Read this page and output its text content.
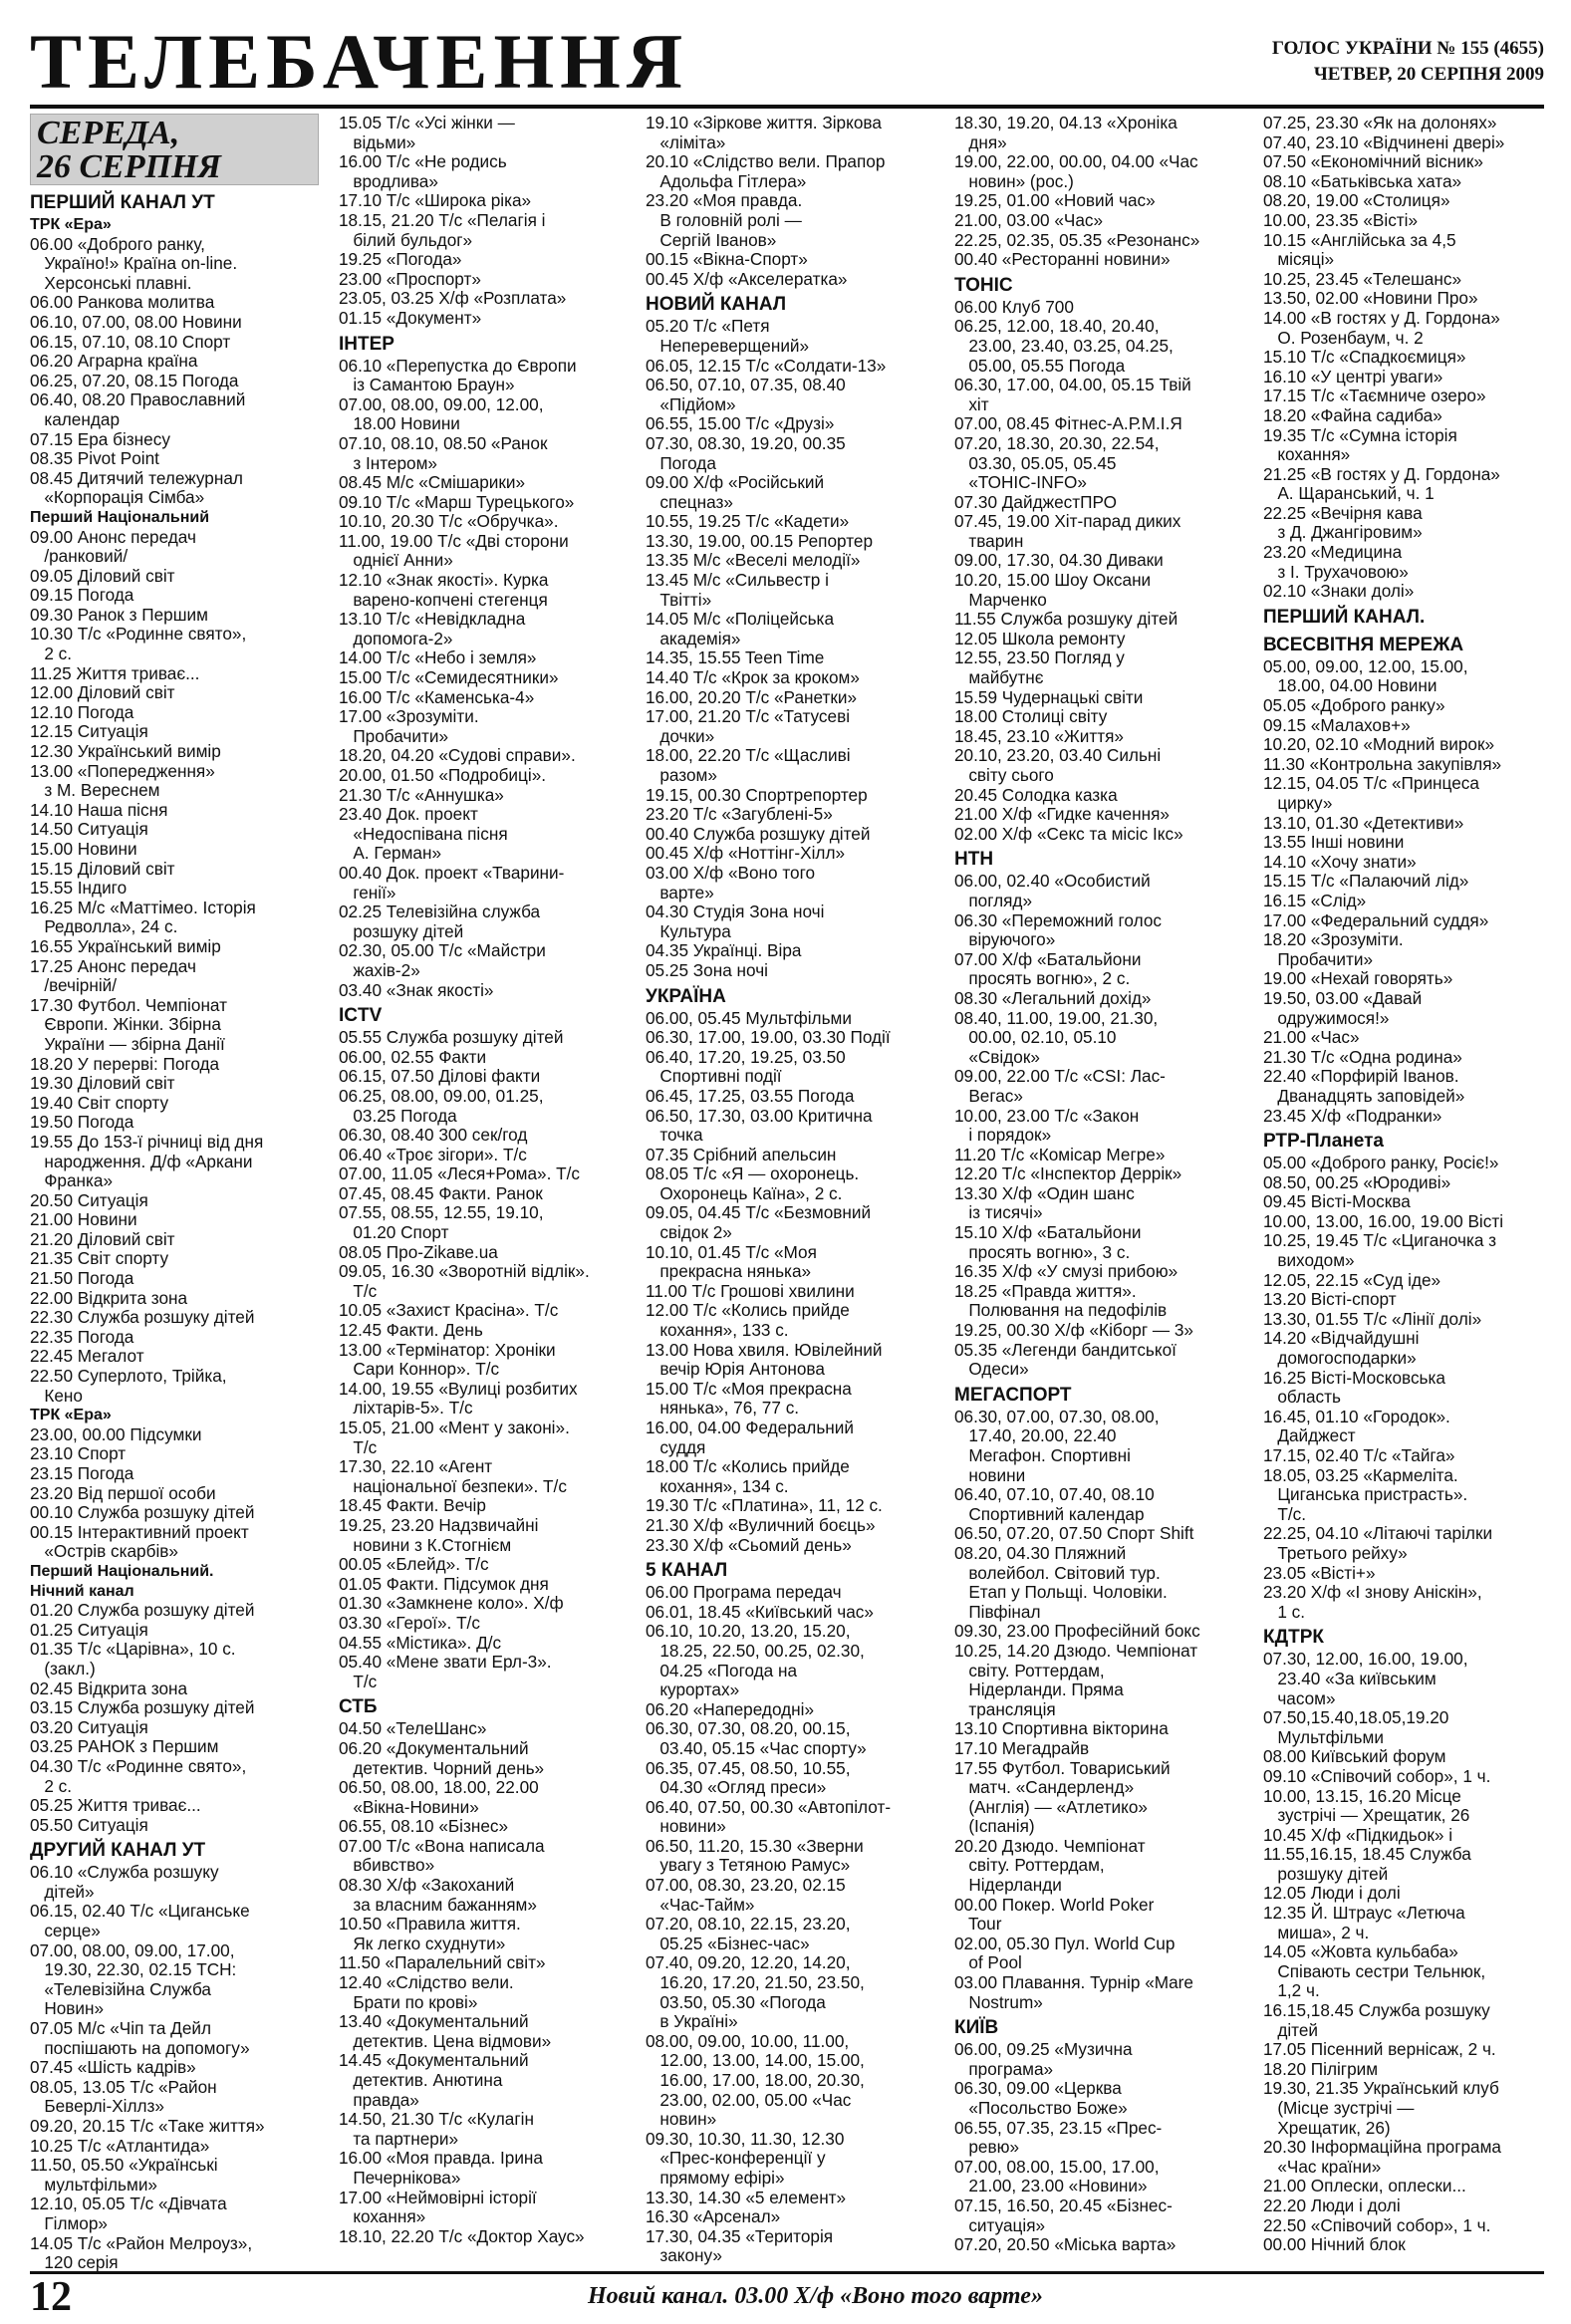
ТЕЛЕБАЧЕННЯ	ГОЛОС УКРАЇНИ № 155 (4655)
ЧЕТВЕР, 20 СЕРПНЯ 2009
СЕРЕДА,
26 СЕРПНЯ
ПЕРШИЙ КАНАЛ УТ
ТРК «Ера»
06.00 «Доброго ранку,
Україно!» Країна on-line.
Херсонські плавні.
06.00 Ранкова молитва
06.10, 07.00, 08.00 Новини
06.15, 07.10, 08.10 Спорт
06.20 Аграрна країна
06.25, 07.20, 08.15 Погода
06.40, 08.20 Православний
календар
07.15 Ера бізнесу
08.35 Pivot Point
08.45 Дитячий тележурнал
«Корпорація Сімба»
Перший Національний
09.00 Анонс передач
/ранковий/
09.05 Діловий світ
09.15 Погода
09.30 Ранок з Першим
10.30 Т/с «Родинне свято»,
2 с.
11.25 Життя триває...
12.00 Діловий світ
12.10 Погода
12.15 Ситуація
12.30 Український вимір
13.00 «Попередження»
з М. Вереснем
14.10 Наша пісня
14.50 Ситуація
15.00 Новини
15.15 Діловий світ
15.55 Індиго
16.25 М/с «Маттімео. Історія
Редволла», 24 с.
16.55 Український вимір
17.25 Анонс передач
/вечірній/
17.30 Футбол. Чемпіонат
Європи. Жінки. Збірна
України — збірна Данії
18.20 У перерві: Погода
19.30 Діловий світ
19.40 Світ спорту
19.50 Погода
19.55 До 153-ї річниці від дня
народження. Д/ф «Аркани
Франка»
20.50 Ситуація
21.00 Новини
21.20 Діловий світ
21.35 Світ спорту
21.50 Погода
22.00 Відкрита зона
22.30 Служба розшуку дітей
22.35 Погода
22.45 Мегалот
22.50 Суперлото, Трійка,
Кено
ТРК «Ера»
23.00, 00.00 Підсумки
23.10 Спорт
23.15 Погода
23.20 Від першої особи
00.10 Служба розшуку дітей
00.15 Інтерактивний проект
«Острів скарбів»
Перший Національний.
Нічний канал
01.20 Служба розшуку дітей
01.25 Ситуація
01.35 Т/с «Царівна», 10 с.
(закл.)
02.45 Відкрита зона
03.15 Служба розшуку дітей
03.20 Ситуація
03.25 РАНОК з Першим
04.30 Т/с «Родинне свято»,
2 с.
05.25 Життя триває...
05.50 Ситуація
ДРУГИЙ КАНАЛ УТ
06.10 «Служба розшуку
дітей»
06.15, 02.40 Т/с «Циганське
серце»
07.00, 08.00, 09.00, 17.00,
19.30, 22.30, 02.15 ТСН:
«Телевізійна Служба
Новин»
07.05 М/с «Чіп та Дейл
поспішають на допомогу»
07.45 «Шість кадрів»
08.05, 13.05 Т/с «Район
Беверлі-Хіллз»
09.20, 20.15 Т/с «Таке життя»
10.25 Т/с «Атлантида»
11.50, 05.50 «Українські
мультфільми»
12.10, 05.05 Т/с «Дівчата
Гілмор»
14.05 Т/с «Район Мелроуз»,
120 серія
15.05 Т/с «Усі жінки —
відьми»
16.00 Т/с «Не родись
вродлива»
17.10 Т/с «Широка ріка»
18.15, 21.20 Т/с «Пелагія і
білий бульдог»
19.25 «Погода»
23.00 «Проспорт»
23.05, 03.25 Х/ф «Розплата»
01.15 «Документ»
ІНТЕР
06.10 «Перепустка до Європи
із Самантою Браун»
07.00, 08.00, 09.00, 12.00,
18.00 Новини
07.10, 08.10, 08.50 «Ранок
з Інтером»
08.45 М/с «Смішарики»
09.10 Т/с «Марш Турецького»
10.10, 20.30 Т/с «Обручка».
11.00, 19.00 Т/с «Дві сторони
однієї Анни»
12.10 «Знак якості». Курка
варено-копчені стегенця
13.10 Т/с «Невідкладна
допомога-2»
14.00 Т/с «Небо і земля»
15.00 Т/с «Семидесятники»
16.00 Т/с «Каменська-4»
17.00 «Зрозуміти.
Пробачити»
18.20, 04.20 «Судові справи».
20.00, 01.50 «Подробиці».
21.30 Т/с «Аннушка»
23.40 Док. проект
«Недоспівана пісня
А. Герман»
00.40 Док. проект «Тварини-
генії»
02.25 Телевізійна служба
розшуку дітей
02.30, 05.00 Т/с «Майстри
жахів-2»
03.40 «Знак якості»
ICTV
05.55 Служба розшуку дітей
06.00, 02.55 Факти
06.15, 07.50 Ділові факти
06.25, 08.00, 09.00, 01.25,
03.25 Погода
06.30, 08.40 300 сек/год
06.40 «Троє зігори». Т/с
07.00, 11.05 «Леся+Рома». Т/с
07.45, 08.45 Факти. Ранок
07.55, 08.55, 12.55, 19.10,
01.20 Спорт
08.05 Про-Zikaве.ua
09.05, 16.30 «Зворотній відлік».
Т/с
10.05 «Захист Красіна». Т/с
12.45 Факти. День
13.00 «Термінатор: Хроніки
Сари Коннор». Т/с
14.00, 19.55 «Вулиці розбитих
ліхтарів-5». Т/с
15.05, 21.00 «Мент у законі».
Т/с
17.30, 22.10 «Агент
національної безпеки». Т/с
18.45 Факти. Вечір
19.25, 23.20 Надзвичайні
новини з К.Стогнієм
00.05 «Блейд». Т/с
01.05 Факти. Підсумок дня
01.30 «Замкнене коло». Х/ф
03.30 «Герої». Т/с
04.55 «Містика». Д/с
05.40 «Мене звати Ерл-3».
Т/с
СТБ
04.50 «ТелеШанс»
06.20 «Документальний
детектив. Чорний день»
06.50, 08.00, 18.00, 22.00
«Вікна-Новини»
06.55, 08.10 «Бізнес»
07.00 Т/с «Вона написала
вбивство»
08.30 Х/ф «Закоханий
за власним бажанням»
10.50 «Правила життя.
Як легко схуднути»
11.50 «Паралельний світ»
12.40 «Слідство вели.
Брати по крові»
13.40 «Документальний
детектив. Цена відмови»
14.45 «Документальний
детектив. Анютина
правда»
14.50, 21.30 Т/с «Кулагін
та партнери»
16.00 «Моя правда. Ірина
Печернікова»
17.00 «Неймовірні історії
кохання»
18.10, 22.20 Т/с «Доктор Хаус»
19.10 «Зіркове життя. Зіркова
«лімітa»
20.10 «Слідство вели. Прапор
Адольфа Гітлера»
23.20 «Моя правда.
В головній ролі —
Сергій Іванов»
00.15 «Вікна-Спорт»
00.45 Х/ф «Акселератка»
НОВИЙ КАНАЛ
05.20 Т/с «Петя
Непереверщений»
06.05, 12.15 Т/с «Солдати-13»
06.50, 07.10, 07.35, 08.40
«Підйом»
06.55, 15.00 Т/с «Друзі»
07.30, 08.30, 19.20, 00.35
Погода
09.00 Х/ф «Російський
спецназ»
10.55, 19.25 Т/с «Кадети»
13.30, 19.00, 00.15 Репортер
13.35 М/с «Веселі мелодії»
13.45 М/с «Сильвестр і
Твітті»
14.05 М/с «Поліцейська
академія»
14.35, 15.55 Teen Time
14.40 Т/с «Крок за кроком»
16.00, 20.20 Т/с «Ранетки»
17.00, 21.20 Т/с «Татусеві
дочки»
18.00, 22.20 Т/с «Щасливі
разом»
19.15, 00.30 Спортрепортер
23.20 Т/с «Загублені-5»
00.40 Служба розшуку дітей
00.45 Х/ф «Ноттінг-Хілл»
03.00 Х/ф «Воно того
варте»
04.30 Студія Зона ночі
Культура
04.35 Українці. Віра
05.25 Зона ночі
УКРАЇНА
06.00, 05.45 Мультфільми
06.30, 17.00, 19.00, 03.30 Події
06.40, 17.20, 19.25, 03.50
Спортивні події
06.45, 17.25, 03.55 Погода
06.50, 17.30, 03.00 Критична
точка
07.35 Срібний апельсин
08.05 Т/с «Я — охоронець.
Охоронець Каїна», 2 с.
09.05, 04.45 Т/с «Безмовний
свідок 2»
10.10, 01.45 Т/с «Моя
прекрасна нянька»
11.00 Т/с Грошові хвилини
12.00 Т/с «Колись прийде
кохання», 133 с.
13.00 Нова хвиля. Ювілейний
вечір Юрія Антонова
15.00 Т/с «Моя прекрасна
нянька», 76, 77 с.
16.00, 04.00 Федеральний
суддя
18.00 Т/с «Колись прийде
кохання», 134 с.
19.30 Т/с «Платина», 11, 12 с.
21.30 Х/ф «Вуличний боєць»
23.30 Х/ф «Сьомий день»
5 КАНАЛ
06.00 Програма передач
06.01, 18.45 «Київський час»
06.10, 10.20, 13.20, 15.20,
18.25, 22.50, 00.25, 02.30,
04.25 «Погода на
курортах»
06.20 «Напередодні»
06.30, 07.30, 08.20, 00.15,
03.40, 05.15 «Час спорту»
06.35, 07.45, 08.50, 10.55,
04.30 «Огляд преси»
06.40, 07.50, 00.30 «Автопілот-
новини»
06.50, 11.20, 15.30 «Зверни
увагу з Тетяною Рамус»
07.00, 08.30, 23.20, 02.15
«Час-Тайм»
07.20, 08.10, 22.15, 23.20,
05.25 «Бізнес-час»
07.40, 09.20, 12.20, 14.20,
16.20, 17.20, 21.50, 23.50,
03.50, 05.30 «Погода
в Україні»
08.00, 09.00, 10.00, 11.00,
12.00, 13.00, 14.00, 15.00,
16.00, 17.00, 18.00, 20.30,
23.00, 02.00, 05.00 «Час
новин»
09.30, 10.30, 11.30, 12.30
«Прес-конференції у
прямому ефірі»
13.30, 14.30 «5 елемент»
16.30 «Арсенал»
17.30, 04.35 «Територія
закону»
18.30, 19.20, 04.13 «Хроніка
дня»
19.00, 22.00, 00.00, 04.00 «Час
новин» (рос.)
19.25, 01.00 «Новий час»
21.00, 03.00 «Час»
22.25, 02.35, 05.35 «Резонанс»
00.40 «Ресторанні новини»
ТОНІС
06.00 Клуб 700
06.25, 12.00, 18.40, 20.40,
23.00, 23.40, 03.25, 04.25,
05.00, 05.55 Погода
06.30, 17.00, 04.00, 05.15 Твій
хіт
07.00, 08.45 Фітнес-А.Р.М.І.Я
07.20, 18.30, 20.30, 22.54,
03.30, 05.05, 05.45
«ТОНІС-INFO»
07.30 ДайджестПРО
07.45, 19.00 Хіт-парад диких
тварин
09.00, 17.30, 04.30 Диваки
10.20, 15.00 Шоу Оксани
Марченко
11.55 Служба розшуку дітей
12.05 Школа ремонту
12.55, 23.50 Погляд у
майбутнє
15.59 Чудернацькі світи
18.00 Столиці світу
18.45, 23.10 «Життя»
20.10, 23.20, 03.40 Сильні
світу сього
20.45 Солодка казка
21.00 Х/ф «Гидке качення»
02.00 Х/ф «Секс та місіс Ікс»
НТН
06.00, 02.40 «Особистий
погляд»
06.30 «Переможний голос
віруючого»
07.00 Х/ф «Батальйони
просять вогню», 2 с.
08.30 «Легальний дохід»
08.40, 11.00, 19.00, 21.30,
00.00, 02.10, 05.10
«Свідок»
09.00, 22.00 Т/с «CSI: Лас-
Вегас»
10.00, 23.00 Т/с «Закон
і порядок»
11.20 Т/с «Комісар Мегре»
12.20 Т/с «Інспектор Деррік»
13.30 Х/ф «Один шанс
із тисячі»
15.10 Х/ф «Батальйони
просять вогню», 3 с.
16.35 Х/ф «У смузі прибою»
18.25 «Правда життя».
Полювання на педофілів
19.25, 00.30 Х/ф «Кіборг — 3»
05.35 «Легенди бандитської
Одеси»
МЕГАСПОРТ
06.30, 07.00, 07.30, 08.00,
17.40, 20.00, 22.40
Мегафон. Спортивні
новини
06.40, 07.10, 07.40, 08.10
Спортивний календар
06.50, 07.20, 07.50 Спорт Shift
08.20, 04.30 Пляжний
волейбол. Світовий тур.
Етап у Польщі. Чоловіки.
Півфінал
09.30, 23.00 Професійний бокс
10.25, 14.20 Дзюдо. Чемпіонат
світу. Роттердам,
Нідерланди. Пряма
трансляція
13.10 Спортивна вікторина
17.10 Мегадрайв
17.55 Футбол. Товариський
матч. «Сандерленд»
(Англія) — «Атлетико»
(Іспанія)
20.20 Дзюдо. Чемпіонат
світу. Роттердам,
Нідерланди
00.00 Покер. World Poker
Tour
02.00, 05.30 Пул. World Cup
of Pool
03.00 Плавання. Турнір «Mare
Nostrum»
КИЇВ
06.00, 09.25 «Музична
програма»
06.30, 09.00 «Церква
«Посольство Боже»
06.55, 07.35, 23.15 «Прес-
ревю»
07.00, 08.00, 15.00, 17.00,
21.00, 23.00 «Новини»
07.15, 16.50, 20.45 «Бізнес-
ситуація»
07.20, 20.50 «Міська варта»
07.25, 23.30 «Як на долонях»
07.40, 23.10 «Відчинені двері»
07.50 «Економічний вісник»
08.10 «Батьківська хата»
08.20, 19.00 «Столиця»
10.00, 23.35 «Вісті»
10.15 «Англійська за 4,5
місяці»
10.25, 23.45 «Телешанс»
13.50, 02.00 «Новини Про»
14.00 «В гостях у Д. Гордона»
О. Розенбаум, ч. 2
15.10 Т/с «Спадкоємиця»
16.10 «У центрі уваги»
17.15 Т/с «Таємниче озеро»
18.20 «Файна садиба»
19.35 Т/с «Сумна історія
кохання»
21.25 «В гостях у Д. Гордона»
А. Щаранський, ч. 1
22.25 «Вечірня кава
з Д. Джангіровим»
23.20 «Медицина
з І. Трухачовою»
02.10 «Знаки долі»
ПЕРШИЙ КАНАЛ.
ВСЕСВІТНЯ МЕРЕЖА
05.00, 09.00, 12.00, 15.00,
18.00, 04.00 Новини
05.05 «Доброго ранку»
09.15 «Малахов+»
10.20, 02.10 «Модний вирок»
11.30 «Контрольна закупівля»
12.15, 04.05 Т/с «Принцеса
цирку»
13.10, 01.30 «Детективи»
13.55 Інші новини
14.10 «Хочу знати»
15.15 Т/с «Палаючий лід»
16.15 «Слід»
17.00 «Федеральний суддя»
18.20 «Зрозуміти.
Пробачити»
19.00 «Нехай говорять»
19.50, 03.00 «Давай
одружимося!»
21.00 «Час»
21.30 Т/с «Одна родина»
22.40 «Порфирій Іванов.
Дванадцять заповідей»
23.45 Х/ф «Подранки»
РТР-Планета
05.00 «Доброго ранку, Росіє!»
08.50, 00.25 «Юродиві»
09.45 Вісті-Москва
10.00, 13.00, 16.00, 19.00 Вісті
10.25, 19.45 Т/с «Циганочка з
виходом»
12.05, 22.15 «Суд іде»
13.20 Вісті-спорт
13.30, 01.55 Т/с «Лінії долі»
14.20 «Відчайдушні
домогосподарки»
16.25 Вісті-Московська
область
16.45, 01.10 «Городок».
Дайджест
17.15, 02.40 Т/с «Тайга»
18.05, 03.25 «Кармеліта.
Циганська пристрасть».
Т/с.
22.25, 04.10 «Літаючі тарілки
Третього рейху»
23.05 «Вісті+»
23.20 Х/ф «І знову Аніскін»,
1 с.
КДТРК
07.30, 12.00, 16.00, 19.00,
23.40 «За київським
часом»
07.50,15.40,18.05,19.20
Мультфільми
08.00 Київський форум
09.10 «Співочий собор», 1 ч.
10.00, 13.15, 16.20 Місце
зустрічі — Хрещатик, 26
10.45 Х/ф «Підкидьок» і
11.55,16.15, 18.45 Служба
розшуку дітей
12.05 Люди і долі
12.35 Й. Штраус «Летюча
миша», 2 ч.
14.05 «Жовта кульбаба»
Співають сестри Тельнюк,
1,2 ч.
16.15,18.45 Служба розшуку
дітей
17.05 Пісенний вернісаж, 2 ч.
18.20 Пілігрим
19.30, 21.35 Український клуб
(Місце зустрічі —
Хрещатик, 26)
20.30 Інформаційна програма
«Час країни»
21.00 Оплески, оплески...
22.20 Люди і долі
22.50 «Співочий собор», 1 ч.
00.00 Нічний блок
12	Новий канал. 03.00 Х/ф «Воно того варте»
